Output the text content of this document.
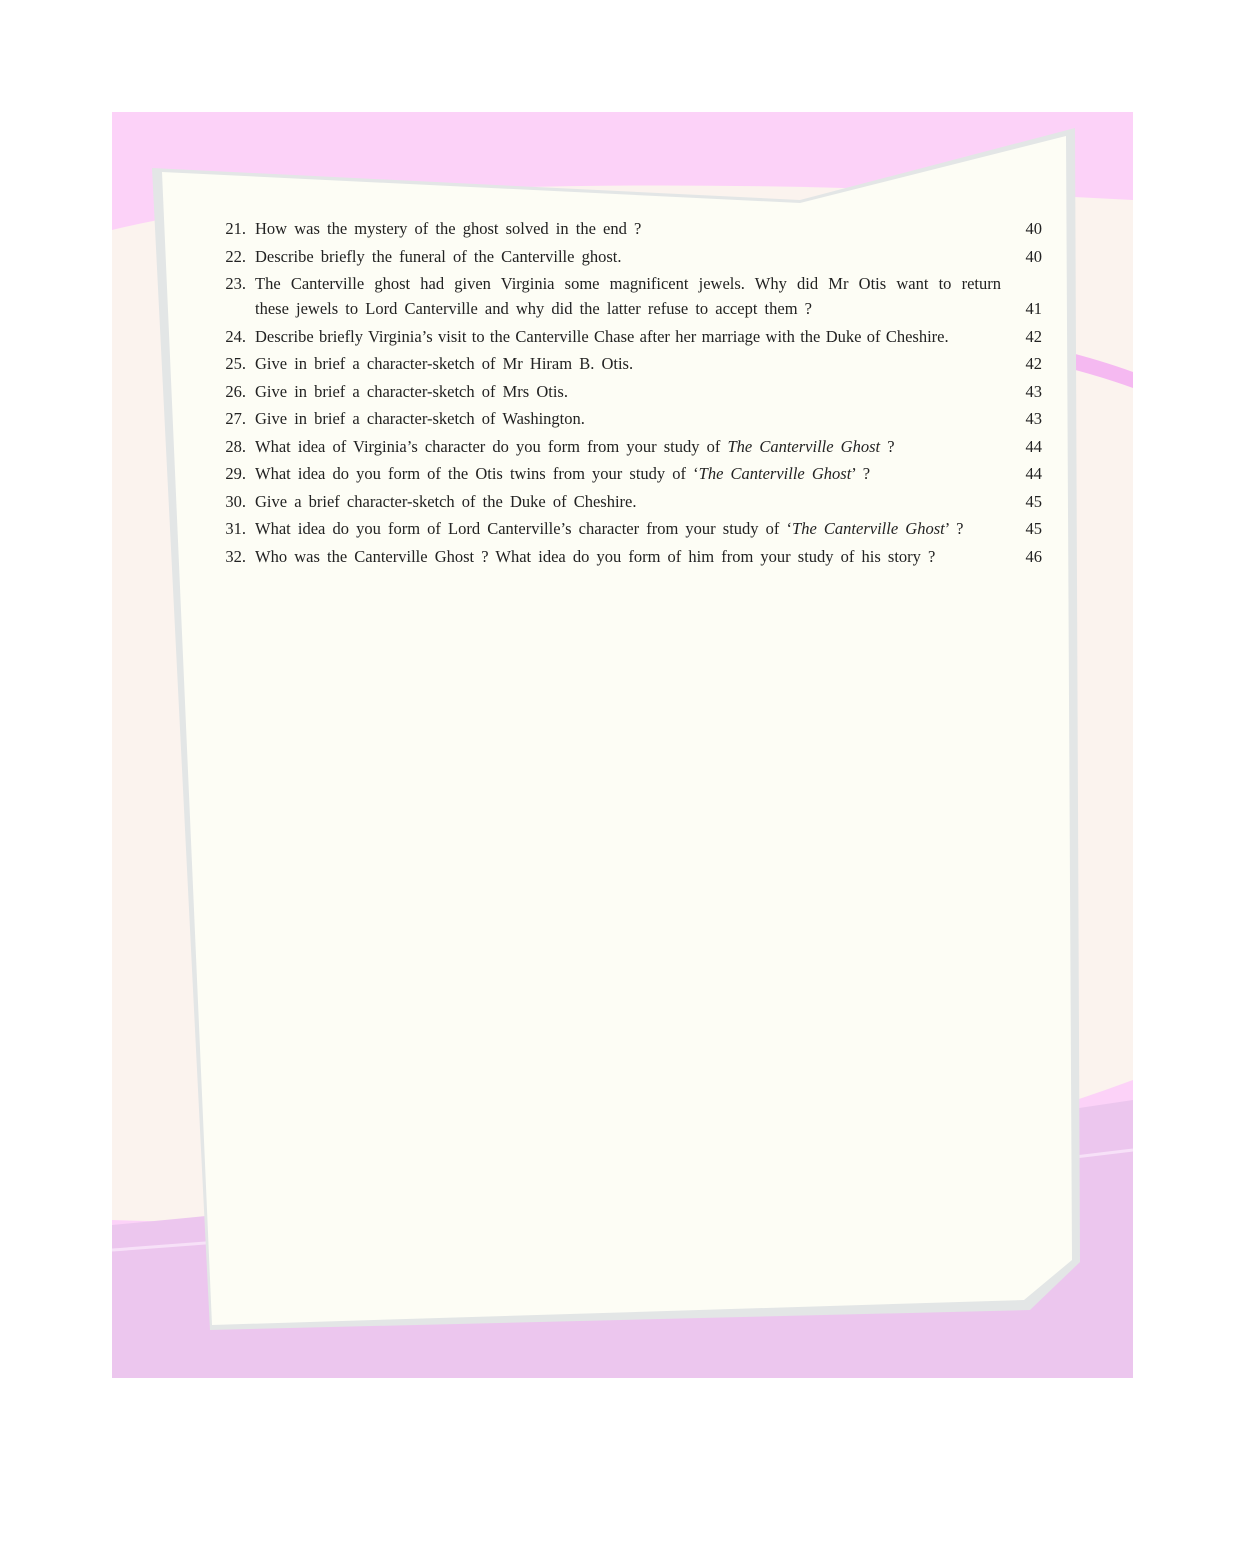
21. How was the mystery of the ghost solved in the end ?	40
22. Describe briefly the funeral of the Canterville ghost.	40
23. The Canterville ghost had given Virginia some magnificent jewels. Why did Mr Otis want to return
these jewels to Lord Canterville and why did the latter refuse to accept them ?	41
24. Describe briefly Virginia’s visit to the Canterville Chase after her marriage with the Duke of Cheshire.	42
25. Give in brief a character-sketch of Mr Hiram B. Otis.	42
26. Give in brief a character-sketch of Mrs Otis.	43
27. Give in brief a character-sketch of Washington.	43
28. What idea of Virginia’s character do you form from your study of The Canterville Ghost ?	44
29. What idea do you form of the Otis twins from your study of ‘The Canterville Ghost’ ?	44
30. Give a brief character-sketch of the Duke of Cheshire.	45
31. What idea do you form of Lord Canterville’s character from your study of ‘The Canterville Ghost’ ?	45
32. Who was the Canterville Ghost ? What idea do you form of him from your study of his story ?	46
